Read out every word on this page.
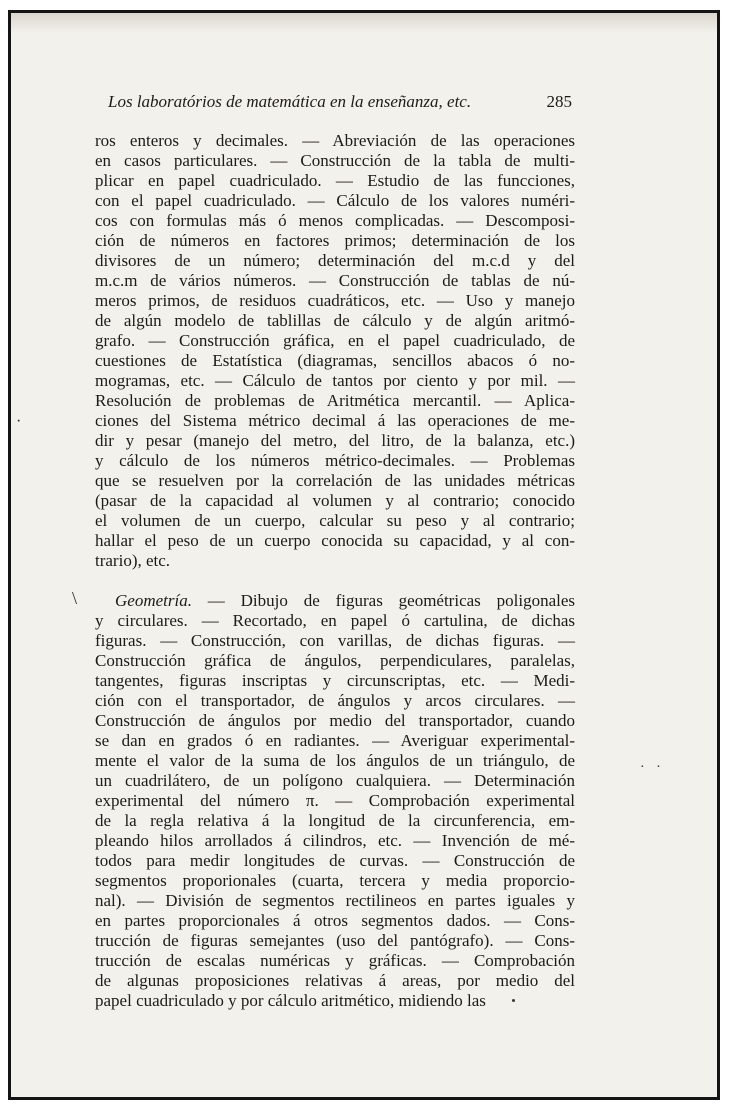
Los laboratórios de matemática en la enseñanza, etc.	285
ros enteros y decimales. — Abreviación de las operaciones
en casos particulares. — Construcción de la tabla de multi-
plicar en papel cuadriculado. — Estudio de las funcciones,
con el papel cuadriculado. — Cálculo de los valores numéri-
cos con formulas más ó menos complicadas. — Descomposi-
ción de números en factores primos; determinación de los
divisores de un número; determinación del m.c.d y del
m.c.m de vários números. — Construcción de tablas de nú-
meros primos, de residuos cuadráticos, etc. — Uso y manejo
de algún modelo de tablillas de cálculo y de algún aritmó-
grafo. — Construcción gráfica, en el papel cuadriculado, de
cuestiones de Estatística (diagramas, sencillos abacos ó no-
mogramas, etc. — Cálculo de tantos por ciento y por mil. —
Resolución de problemas de Aritmética mercantil. — Aplica-
ciones del Sistema métrico decimal á las operaciones de me-
dir y pesar (manejo del metro, del litro, de la balanza, etc.)
y cálculo de los números métrico-decimales. — Problemas
que se resuelven por la correlación de las unidades métricas
(pasar de la capacidad al volumen y al contrario; conocido
el volumen de un cuerpo, calcular su peso y al contrario;
hallar el peso de un cuerpo conocida su capacidad, y al con-
trario), etc.
Geometría. — Dibujo de figuras geométricas poligonales
y circulares. — Recortado, en papel ó cartulina, de dichas
figuras. — Construcción, con varillas, de dichas figuras. —
Construcción gráfica de ángulos, perpendiculares, paralelas,
tangentes, figuras inscriptas y circunscriptas, etc. — Medi-
ción con el transportador, de ángulos y arcos circulares. —
Construcción de ángulos por medio del transportador, cuando
se dan en grados ó en radiantes. — Averiguar experimental-
mente el valor de la suma de los ángulos de un triángulo, de
un cuadrilátero, de un polígono cualquiera. — Determinación
experimental del número π. — Comprobación experimental
de la regla relativa á la longitud de la circunferencia, em-
pleando hilos arrollados á cilindros, etc. — Invención de mé-
todos para medir longitudes de curvas. — Construcción de
segmentos proporionales (cuarta, tercera y media proporcio-
nal). — División de segmentos rectilineos en partes iguales y
en partes proporcionales á otros segmentos dados. — Cons-
trucción de figuras semejantes (uso del pantógrafo). — Cons-
trucción de escalas numéricas y gráficas. — Comprobación
de algunas proposiciones relativas á areas, por medio del
papel cuadriculado y por cálculo aritmético, midiendo las
·
\
· ·
